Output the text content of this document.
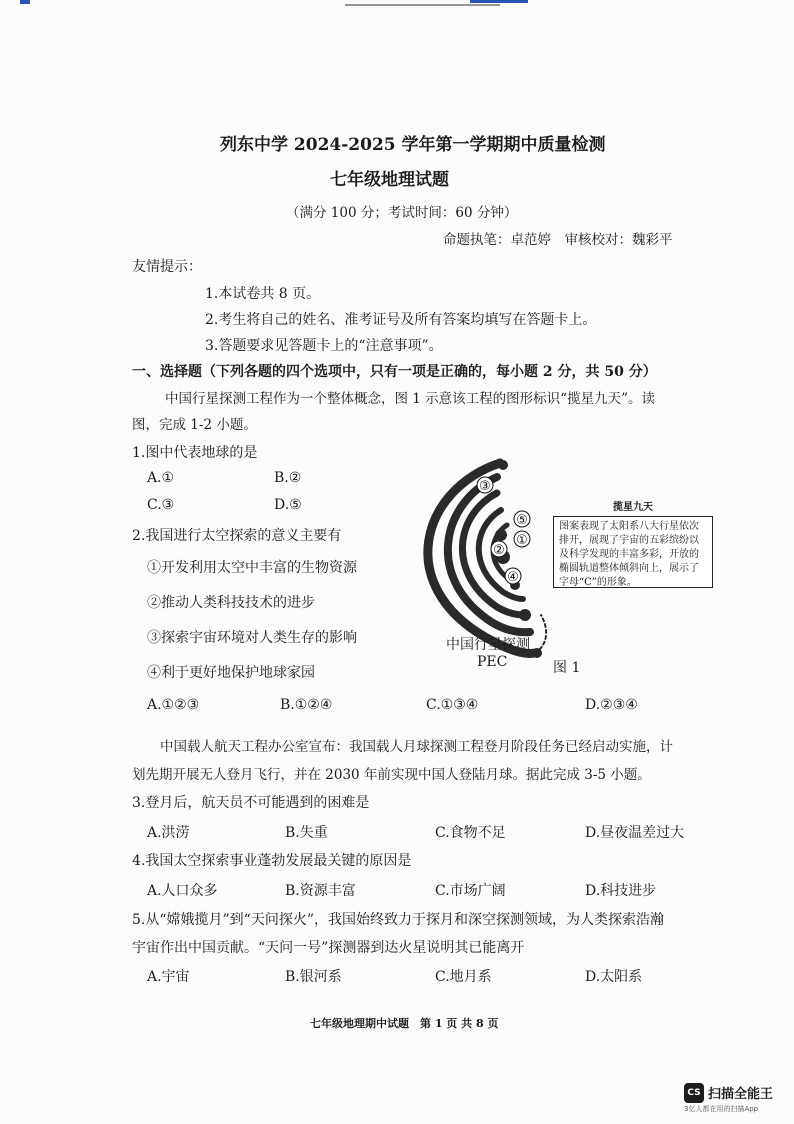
列东中学 2024-2025 学年第一学期期中质量检测
七年级地理试题
（满分 100 分；考试时间：60 分钟）
命题执笔：卓范婷　审核校对：魏彩平
友情提示：
1.本试卷共 8 页。
2.考生将自己的姓名、准考证号及所有答案均填写在答题卡上。
3.答题要求见答题卡上的“注意事项”。
一、选择题（下列各题的四个选项中，只有一项是正确的，每小题 2 分，共 50 分）
中国行星探测工程作为一个整体概念，图 1 示意该工程的图形标识“揽星九天”。读
图，完成 1-2 小题。
1.图中代表地球的是
A.①	B.②
C.③	D.⑤
2.我国进行太空探索的意义主要有
①开发利用太空中丰富的生物资源
②推动人类科技技术的进步
③探索宇宙环境对人类生存的影响
④利于更好地保护地球家园
A.①②③	B.①②④	C.①③④	D.②③④
③
⑤
①
②
④
揽星九天
图案表现了太阳系八大行星依次排开，展现了宇宙的五彩缤纷以及科学发现的丰富多彩，开放的椭圆轨道整体倾斜向上，展示了字母“C”的形象。
中国行星探测
PEC	图 1
中国载人航天工程办公室宣布：我国载人月球探测工程登月阶段任务已经启动实施，计
划先期开展无人登月飞行，并在 2030 年前实现中国人登陆月球。据此完成 3-5 小题。
3.登月后，航天员不可能遇到的困难是
A.洪涝	B.失重	C.食物不足	D.昼夜温差过大
4.我国太空探索事业蓬勃发展最关键的原因是
A.人口众多	B.资源丰富	C.市场广阔	D.科技进步
5.从“嫦娥揽月”到“天问探火”，我国始终致力于探月和深空探测领域，为人类探索浩瀚
宇宙作出中国贡献。“天问一号”探测器到达火星说明其已能离开
A.宇宙	B.银河系	C.地月系	D.太阳系
七年级地理期中试题　第 1 页 共 8 页
CS 扫描全能王
3亿人都在用的扫描App
